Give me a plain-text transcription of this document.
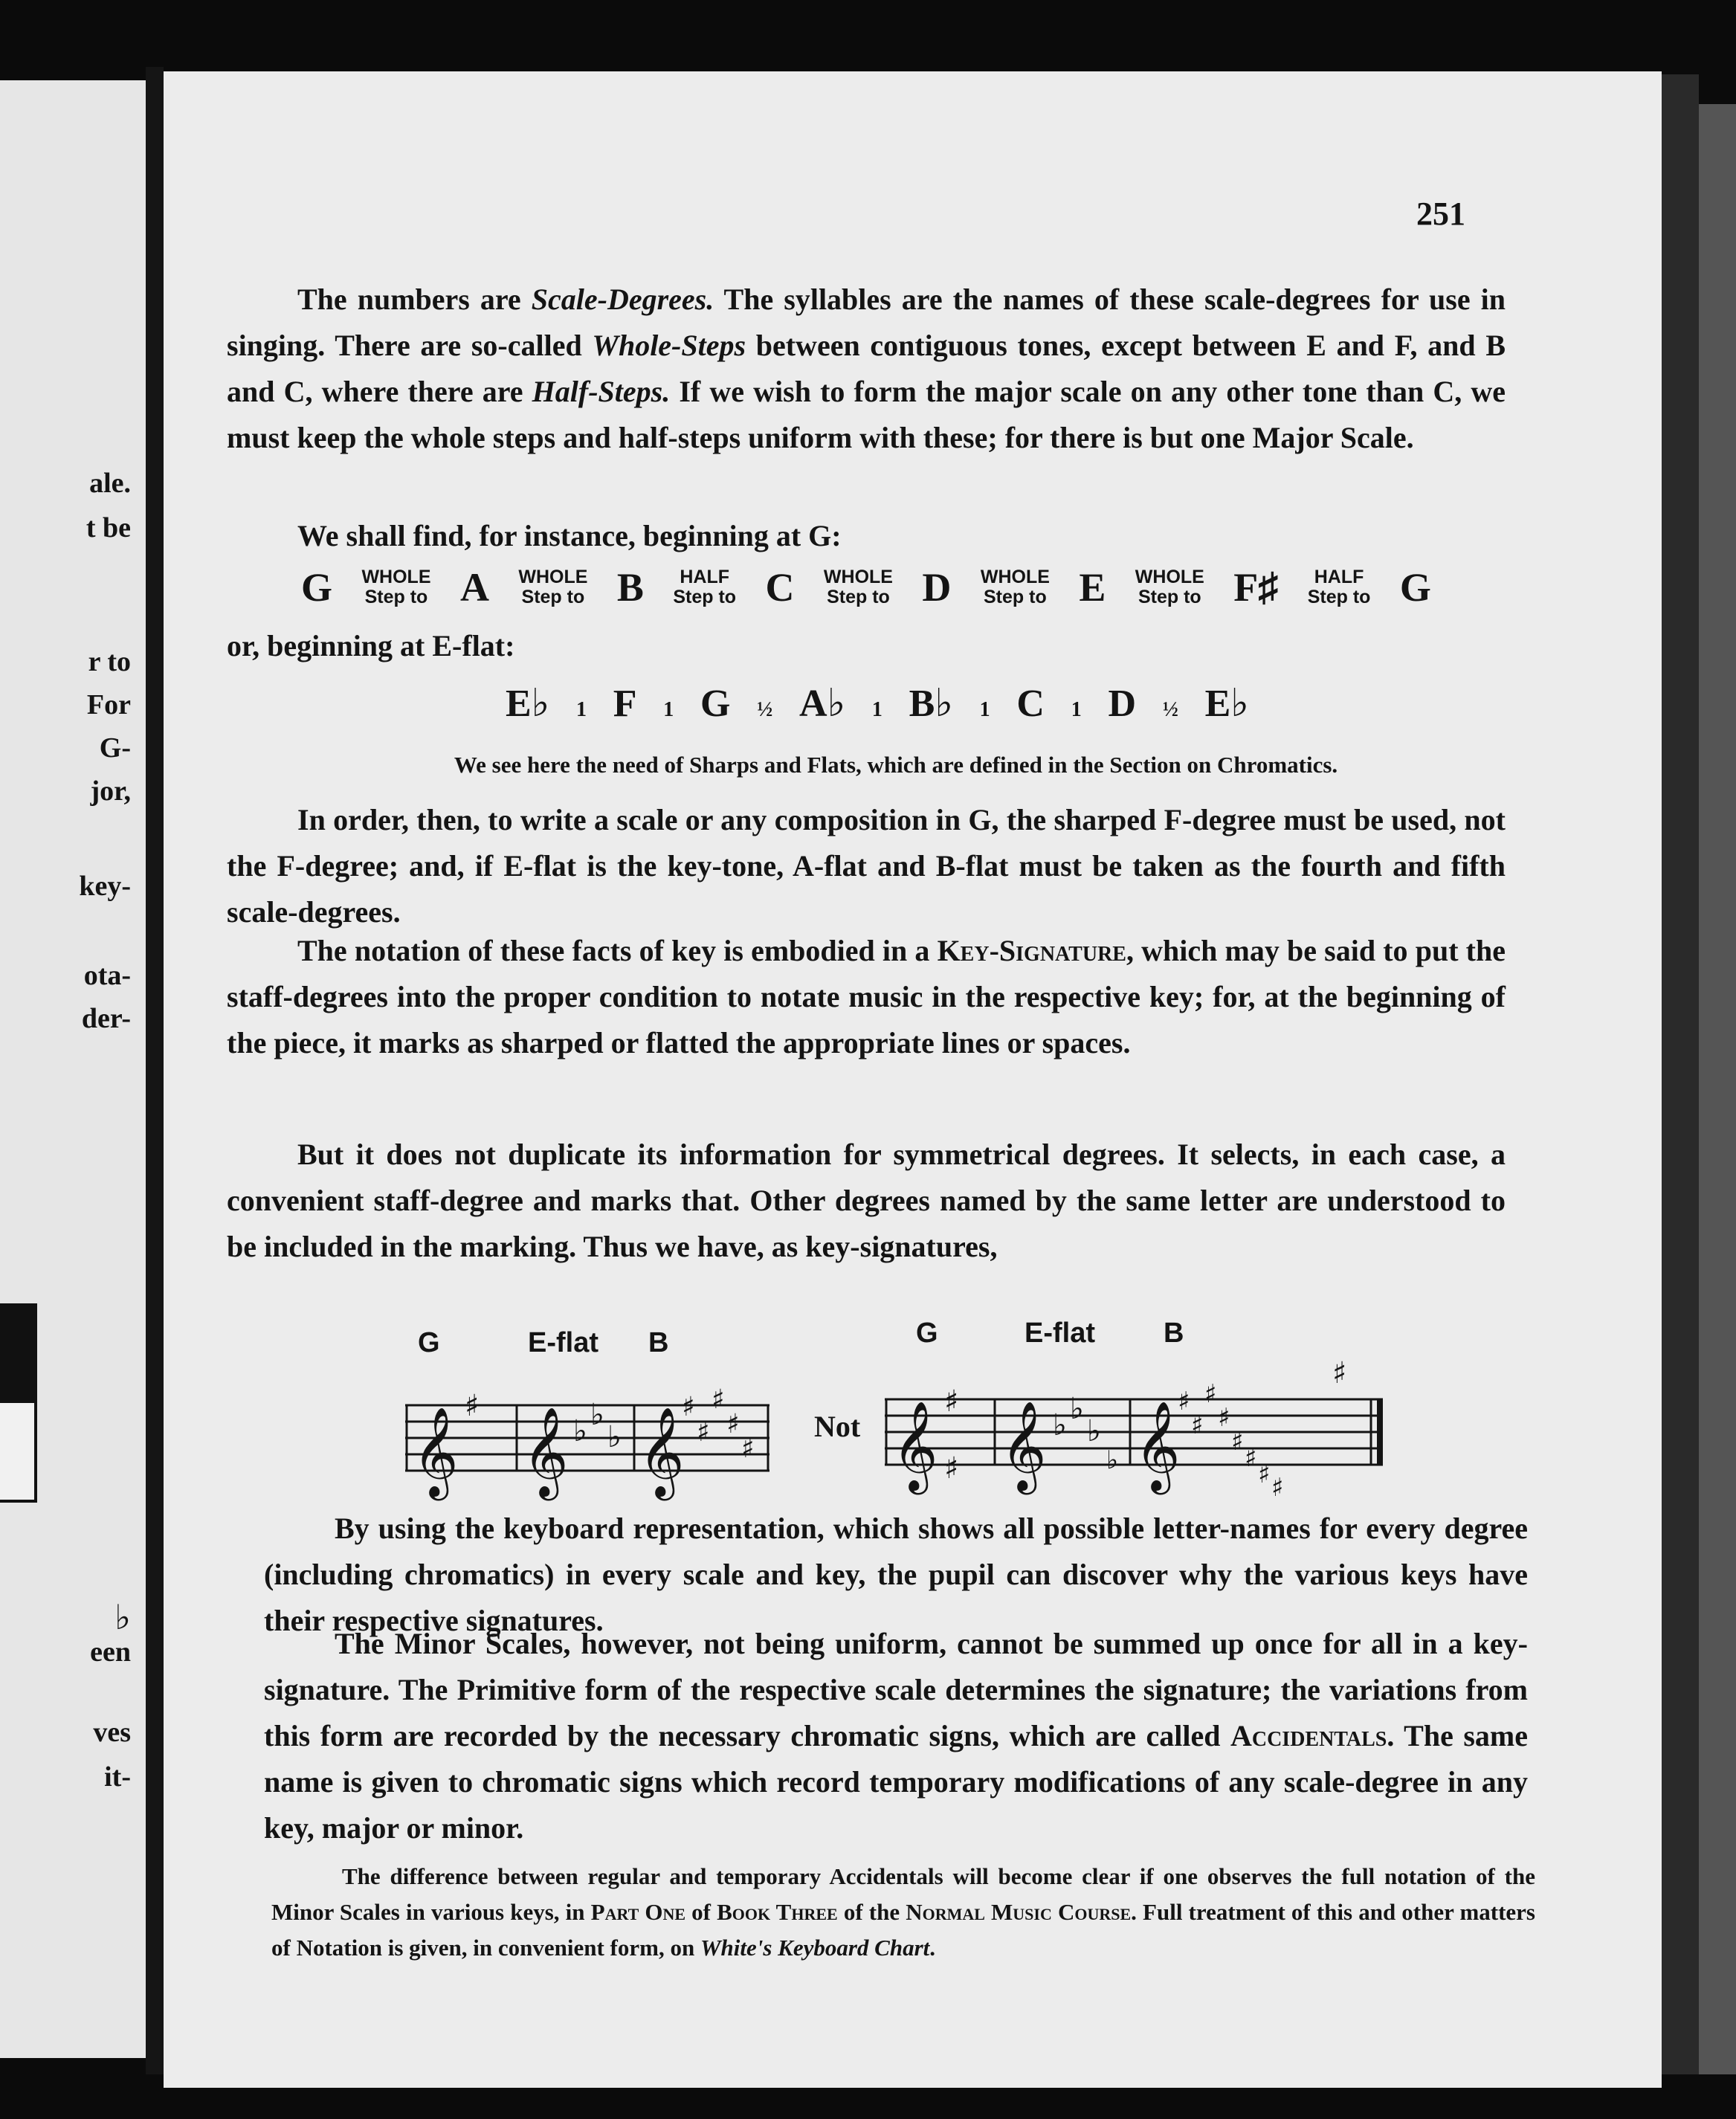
ale.
t be
r to
For
G-
jor,
key-
ota-
der-
♭
een
ves
it-
251
The numbers are Scale-Degrees. The syllables are the names of these scale-degrees for use in singing. There are so-called Whole-Steps between contiguous tones, except between E and F, and B and C, where there are Half-Steps. If we wish to form the major scale on any other tone than C, we must keep the whole steps and half-steps uniform with these; for there is but one Major Scale.
We shall find, for instance, beginning at G:
G WHOLE
Step to A WHOLE
Step to B HALF
Step to C WHOLE
Step to D WHOLE
Step to E WHOLE
Step to F♯ HALF
Step to G
or, beginning at E-flat:
E♭ 1 F 1 G ½ A♭ 1 B♭ 1 C 1 D ½ E♭
We see here the need of Sharps and Flats, which are defined in the Section on Chromatics.
In order, then, to write a scale or any composition in G, the sharped F-degree must be used, not the F-degree; and, if E-flat is the key-tone, A-flat and B-flat must be taken as the fourth and fifth scale-degrees.
The notation of these facts of key is embodied in a Key-Signature, which may be said to put the staff-degrees into the proper condition to notate music in the respective key; for, at the beginning of the piece, it marks as sharped or flatted the appropriate lines or spaces.
But it does not duplicate its information for symmetrical degrees. It selects, in each case, a convenient staff-degree and marks that. Other degrees named by the same letter are understood to be included in the marking. Thus we have, as key-signatures,
G	E-flat B
𝄞 ♯ 𝄞 ♭ ♭
♭ 𝄞
♯
♯
♯
♯
♯
Not
G	E-flat B
𝄞 ♯
♯ 𝄞 ♭ ♭
♭
♭ 𝄞
♯
♯
♯
♯
♯
♯
♯ ♯
♯
By using the keyboard representation, which shows all possible letter-names for every degree (including chromatics) in every scale and key, the pupil can discover why the various keys have their respective signatures.
The Minor Scales, however, not being uniform, cannot be summed up once for all in a key-signature. The Primitive form of the respective scale determines the signature; the variations from this form are recorded by the necessary chromatic signs, which are called Accidentals. The same name is given to chromatic signs which record temporary modifications of any scale-degree in any key, major or minor.
The difference between regular and temporary Accidentals will become clear if one observes the full notation of the Minor Scales in various keys, in Part One of Book Three of the Normal Music Course. Full treatment of this and other matters of Notation is given, in convenient form, on White's Keyboard Chart.
